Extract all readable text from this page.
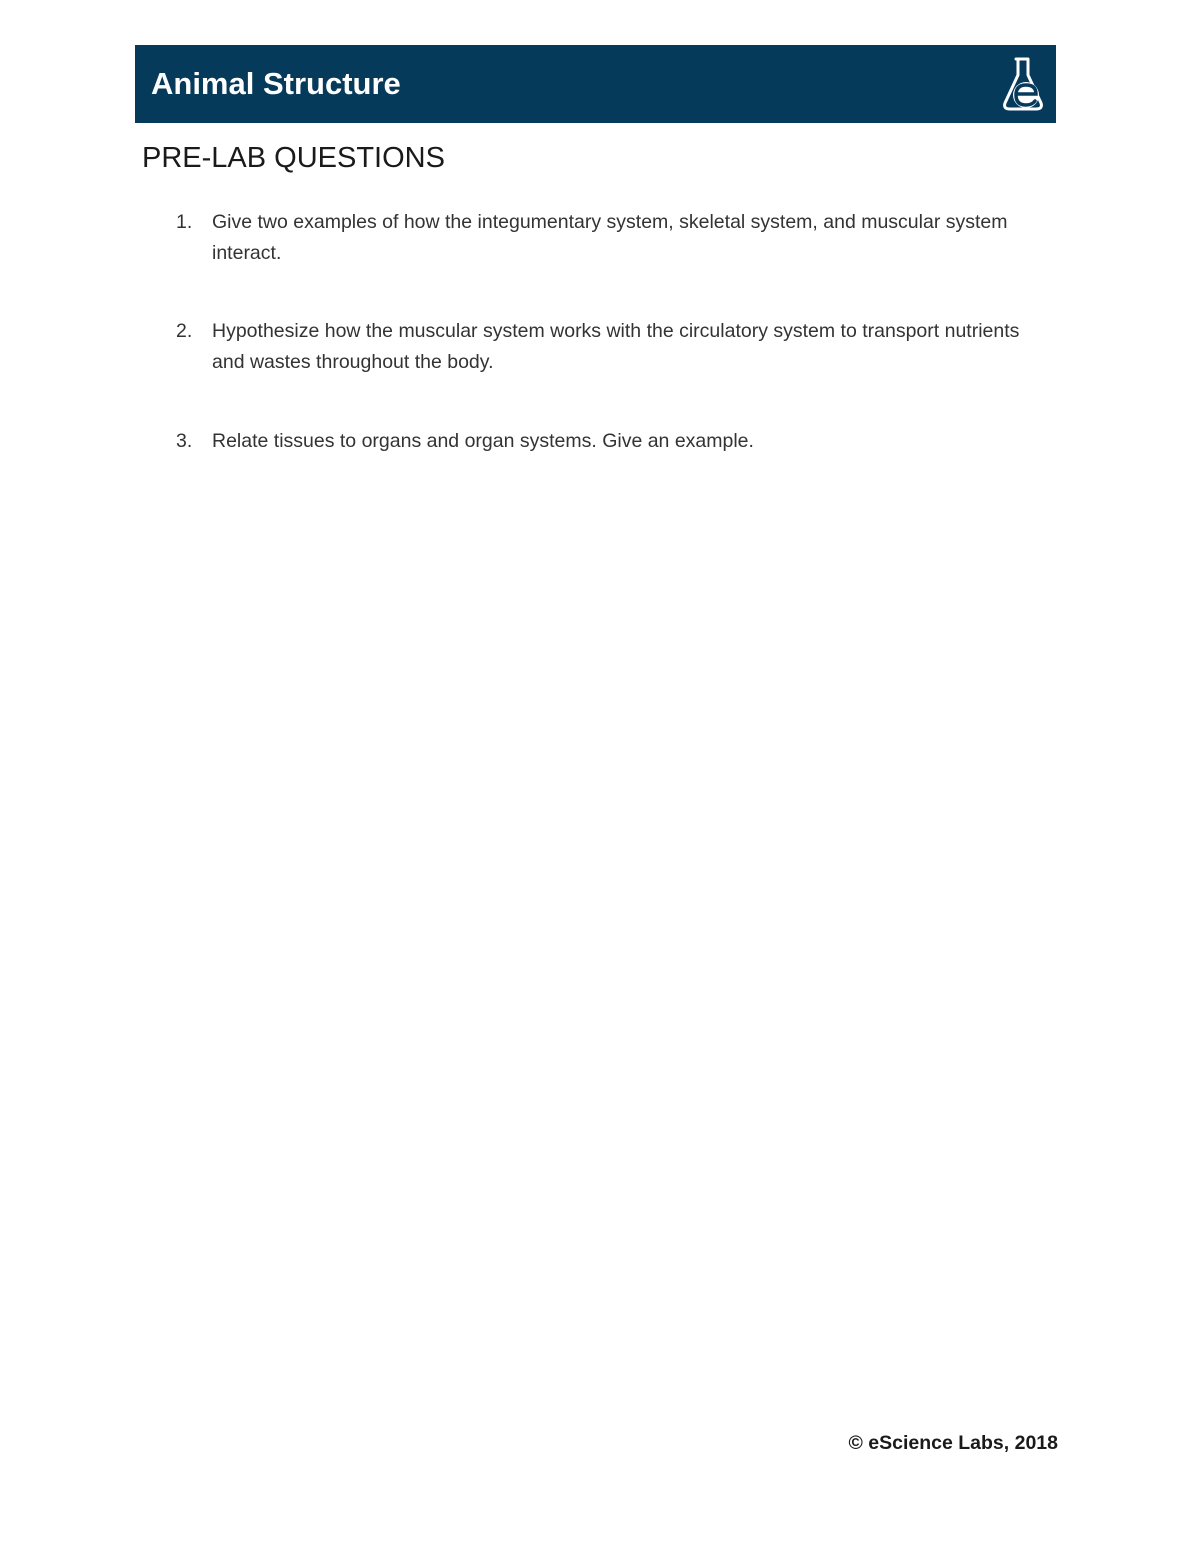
Animal Structure
PRE-LAB QUESTIONS
1. Give two examples of how the integumentary system, skeletal system, and muscular system interact.
2. Hypothesize how the muscular system works with the circulatory system to transport nutrients and wastes throughout the body.
3. Relate tissues to organs and organ systems. Give an example.
© eScience Labs, 2018
